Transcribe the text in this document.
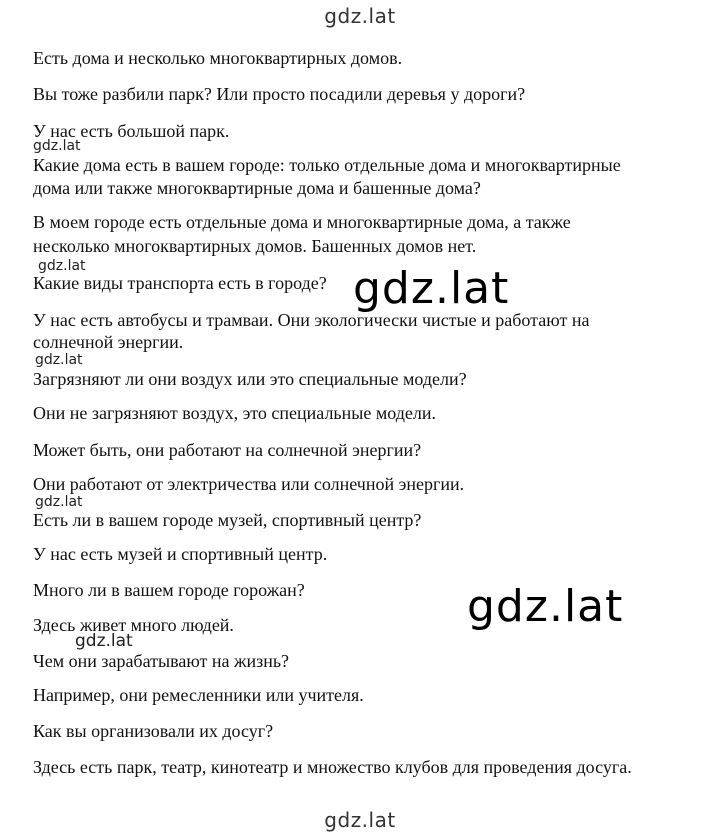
gdz.lat
Есть дома и несколько многоквартирных домов.
Вы тоже разбили парк? Или просто посадили деревья у дороги?
У нас есть большой парк.
Какие дома есть в вашем городе: только отдельные дома и многоквартирные
дома или также многоквартирные дома и башенные дома?
В моем городе есть отдельные дома и многоквартирные дома, а также
несколько многоквартирных домов. Башенных домов нет.
Какие виды транспорта есть в городе?
У нас есть автобусы и трамваи. Они экологически чистые и работают на
солнечной энергии.
Загрязняют ли они воздух или это специальные модели?
Они не загрязняют воздух, это специальные модели.
Может быть, они работают на солнечной энергии?
Они работают от электричества или солнечной энергии.
Есть ли в вашем городе музей, спортивный центр?
У нас есть музей и спортивный центр.
Много ли в вашем городе горожан?
Здесь живет много людей.
Чем они зарабатывают на жизнь?
Например, они ремесленники или учителя.
Как вы организовали их досуг?
Здесь есть парк, театр, кинотеатр и множество клубов для проведения досуга.
gdz.lat
gdz.lat
gdz.lat
gdz.lat
gdz.lat
gdz.lat
gdz.lat
gdz.lat
